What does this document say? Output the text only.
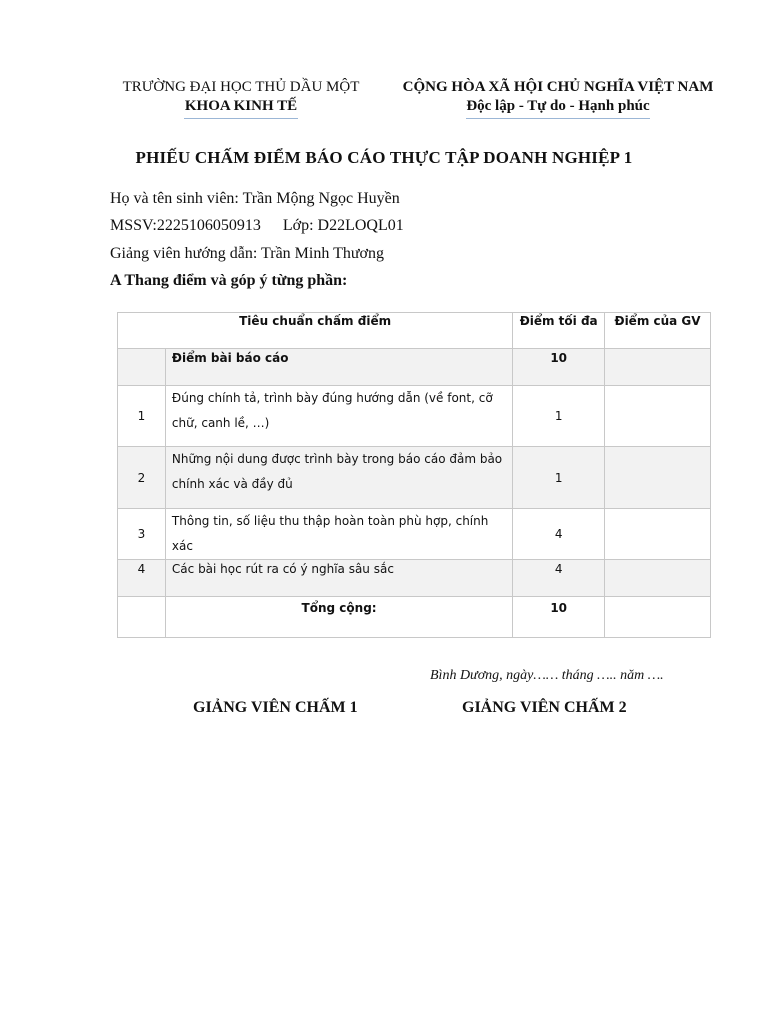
TRƯỜNG ĐẠI HỌC THỦ DẦU MỘT
KHOA KINH TẾ
CỘNG HÒA XÃ HỘI CHỦ NGHĨA VIỆT NAM
Độc lập - Tự do - Hạnh phúc
PHIẾU CHẤM ĐIỂM BÁO CÁO THỰC TẬP DOANH NGHIỆP 1
Họ và tên sinh viên: Trần Mộng Ngọc Huyền
MSSV:2225106050913 Lớp: D22LOQL01
Giảng viên hướng dẫn: Trần Minh Thương
A Thang điểm và góp ý từng phần:
Tiêu chuẩn chấm điểm		Điểm tối đa	Điểm của GV

	Điểm bài báo cáo	10	

1	Đúng chính tả, trình bày đúng hướng dẫn (về font, cỡ chữ, canh lề, …)	1	
2	Những nội dung được trình bày trong báo cáo đảm bảo chính xác và đầy đủ	1	
3	Thông tin, số liệu thu thập hoàn toàn phù hợp, chính xác	4	

4	Các bài học rút ra có ý nghĩa sâu sắc	4	

	Tổng cộng:	10	

Bình Dương, ngày…… tháng ….. năm ….
GIẢNG VIÊN CHẤM 1	GIẢNG VIÊN CHẤM 2
